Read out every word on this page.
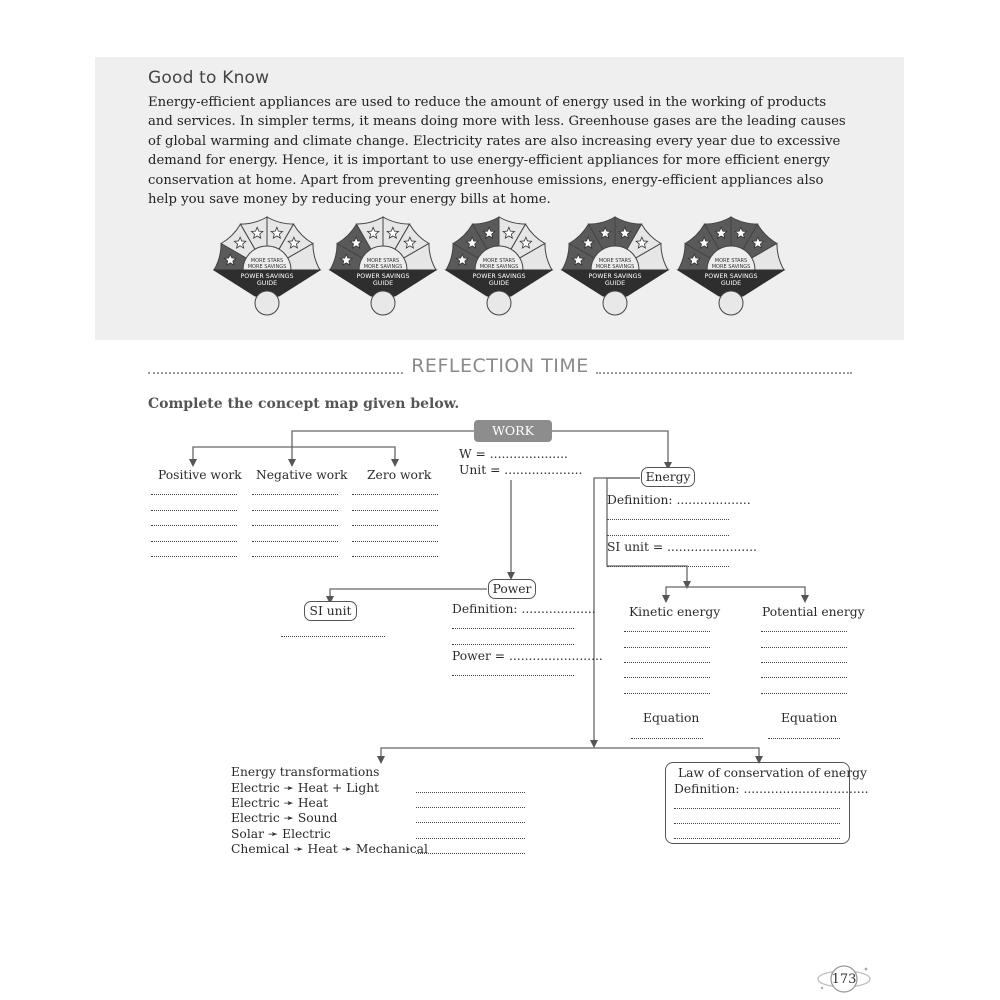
Good to Know

Energy-efficient appliances are used to reduce the amount of energy used in the working of products

and services. In simpler terms, it means doing more with less. Greenhouse gases are the leading causes

of global warming and climate change. Electricity rates are also increasing every year due to excessive

demand for energy. Hence, it is important to use energy-efficient appliances for more efficient energy

conservation at home. Apart from preventing greenhouse emissions, energy-efficient appliances also

help you save money by reducing your energy bills at home.

MORE STARS
MORE SAVINGS
POWER SAVINGS
GUIDE
MORE STARS
MORE SAVINGS
POWER SAVINGS
GUIDE
MORE STARS
MORE SAVINGS
POWER SAVINGS
GUIDE
MORE STARS
MORE SAVINGS
POWER SAVINGS
GUIDE
MORE STARS
MORE SAVINGS
POWER SAVINGS
GUIDE
REFLECTION TIME
Complete the concept map given below.
WORK
W = ....................
Unit = ....................
Positive work Negative work Zero work	Energy
Definition: ...................
SI unit = .......................
Power
SI unit	Definition: ...................
Power = ........................
Kinetic energy	Potential energy
Equation	Equation
Energy transformations
Electric ➛ Heat + Light
Electric ➛ Heat
Electric ➛ Sound
Solar ➛ Electric
Chemical ➛ Heat ➛ Mechanical
Law of conservation of energy
Definition: ................................
173
